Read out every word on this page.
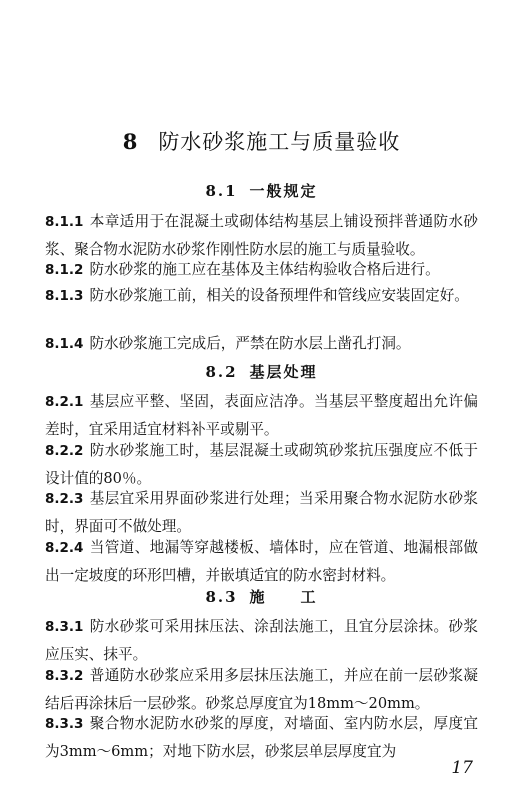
8 防水砂浆施工与质量验收
8.1 一般规定
8.1.1 本章适用于在混凝土或砌体结构基层上铺设预拌普通防水砂浆、聚合物水泥防水砂浆作刚性防水层的施工与质量验收。
8.1.2 防水砂浆的施工应在基体及主体结构验收合格后进行。
8.1.3 防水砂浆施工前，相关的设备预埋件和管线应安装固定好。
8.1.4 防水砂浆施工完成后，严禁在防水层上凿孔打洞。
8.2 基层处理
8.2.1 基层应平整、坚固，表面应洁净。当基层平整度超出允许偏差时，宜采用适宜材料补平或剔平。
8.2.2 防水砂浆施工时，基层混凝土或砌筑砂浆抗压强度应不低于设计值的80％。
8.2.3 基层宜采用界面砂浆进行处理；当采用聚合物水泥防水砂浆时，界面可不做处理。
8.2.4 当管道、地漏等穿越楼板、墙体时，应在管道、地漏根部做出一定坡度的环形凹槽，并嵌填适宜的防水密封材料。
8.3 施　　工
8.3.1 防水砂浆可采用抹压法、涂刮法施工，且宜分层涂抹。砂浆应压实、抹平。
8.3.2 普通防水砂浆应采用多层抹压法施工，并应在前一层砂浆凝结后再涂抹后一层砂浆。砂浆总厚度宜为18mm～20mm。
8.3.3 聚合物水泥防水砂浆的厚度，对墙面、室内防水层，厚度宜为3mm～6mm；对地下防水层，砂浆层单层厚度宜为
17
